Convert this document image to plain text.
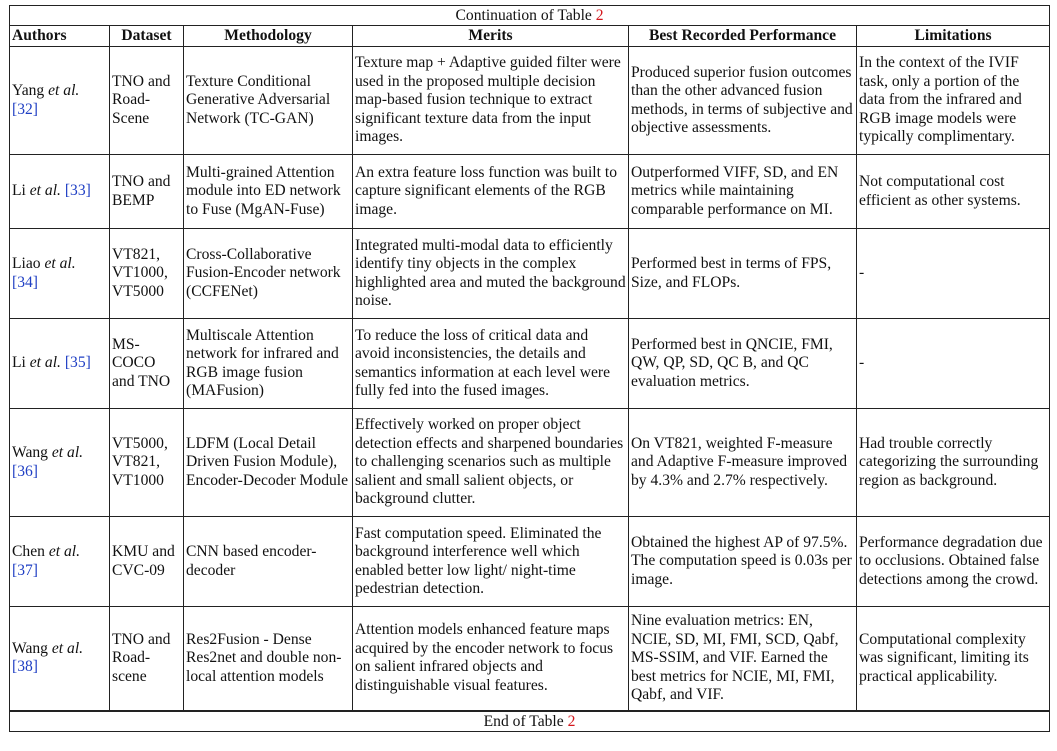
Continuation of Table 2					
Authors	Dataset	Methodology	Merits	Best Recorded Performance	Limitations
Yang et al.
[32]	TNO and Road-Scene	Texture Conditional Generative Adversarial Network (TC-GAN)	Texture map + Adaptive guided filter were used in the proposed multiple decision map-based fusion technique to extract significant texture data from the input images.	Produced superior fusion outcomes than the other advanced fusion methods, in terms of subjective and objective assessments.	In the context of the IVIF task, only a portion of the data from the infrared and RGB image models were typically complimentary.
Li et al. [33]	TNO and BEMP	Multi-grained Attention module into ED network to Fuse (MgAN-Fuse)	An extra feature loss function was built to capture significant elements of the RGB image.	Outperformed VIFF, SD, and EN metrics while maintaining comparable performance on MI.	Not computational cost efficient as other systems.
Liao et al.
[34]	VT821, VT1000, VT5000	Cross-Collaborative Fusion-Encoder network (CCFENet)	Integrated multi-modal data to efficiently identify tiny objects in the complex highlighted area and muted the background noise.	Performed best in terms of FPS, Size, and FLOPs.	-
Li et al. [35]	MS-COCO and TNO	Multiscale Attention network for infrared and RGB image fusion (MAFusion)	To reduce the loss of critical data and avoid inconsistencies, the details and semantics information at each level were fully fed into the fused images.	Performed best in QNCIE, FMI, QW, QP, SD, QC B, and QC evaluation metrics.	-
Wang et al.
[36]	VT5000, VT821, VT1000	LDFM (Local Detail Driven Fusion Module), Encoder-Decoder Module	Effectively worked on proper object detection effects and sharpened boundaries to challenging scenarios such as multiple salient and small salient objects, or background clutter.	On VT821, weighted F-measure and Adaptive F-measure improved by 4.3% and 2.7% respectively.	Had trouble correctly categorizing the surrounding region as background.
Chen et al.
[37]	KMU and CVC-09	CNN based encoder-decoder	Fast computation speed. Eliminated the background interference well which enabled better low light/ night-time pedestrian detection.	Obtained the highest AP of 97.5%. The computation speed is 0.03s per image.	Performance degradation due to occlusions. Obtained false detections among the crowd.
Wang et al.
[38]	TNO and Road-scene	Res2Fusion - Dense Res2net and double non-local attention models	Attention models enhanced feature maps acquired by the encoder network to focus on salient infrared objects and distinguishable visual features.	Nine evaluation metrics: EN, NCIE, SD, MI, FMI, SCD, Qabf, MS-SSIM, and VIF. Earned the best metrics for NCIE, MI, FMI, Qabf, and VIF.	Computational complexity was significant, limiting its practical applicability.
End of Table 2					
